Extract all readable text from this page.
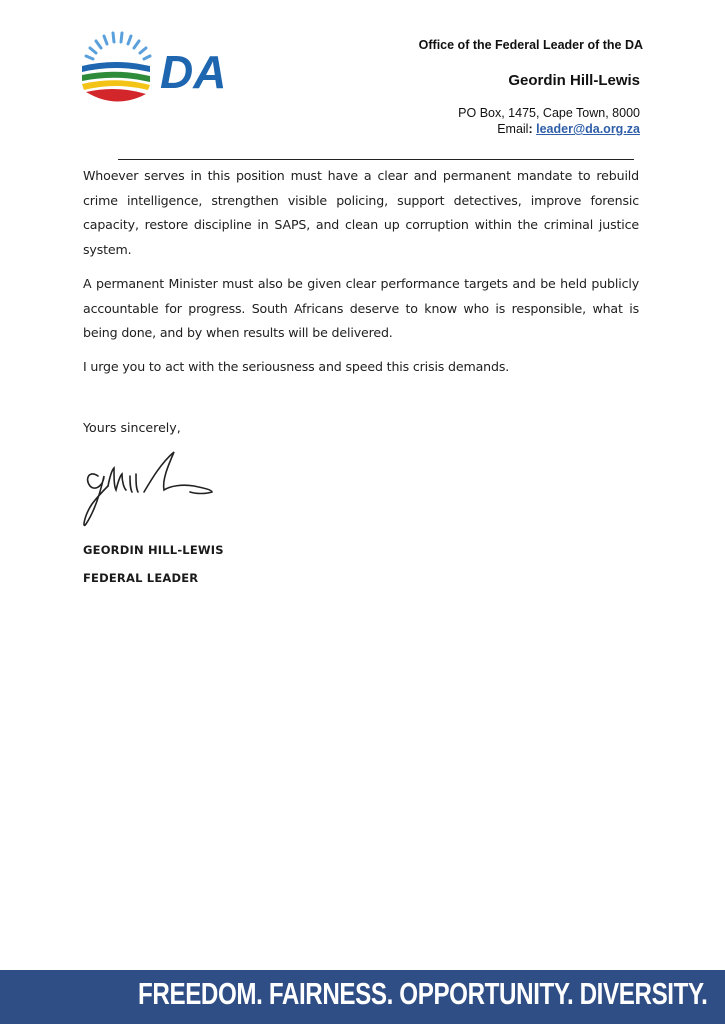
DA
Office of the Federal Leader of the DA
Geordin Hill-Lewis
PO Box, 1475, Cape Town, 8000
Email: leader@da.org.za

Whoever serves in this position must have a clear and permanent mandate to rebuild crime intelligence, strengthen visible policing, support detectives, improve forensic capacity, restore discipline in SAPS, and clean up corruption within the criminal justice system.

A permanent Minister must also be given clear performance targets and be held publicly accountable for progress. South Africans deserve to know who is responsible, what is being done, and by when results will be delivered.

I urge you to act with the seriousness and speed this crisis demands.

Yours sincerely,
GEORDIN HILL-LEWIS
FEDERAL LEADER
FREEDOM. FAIRNESS. OPPORTUNITY. DIVERSITY.
